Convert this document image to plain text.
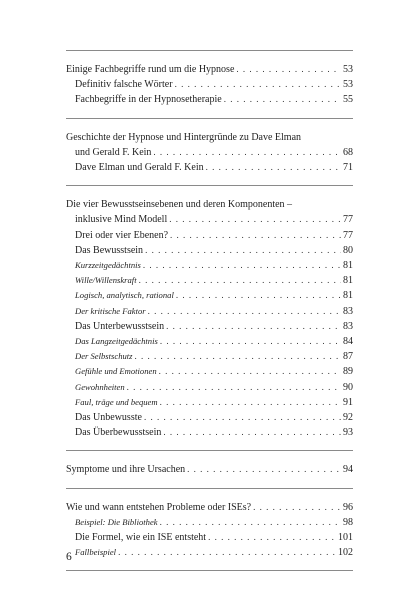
Einige Fachbegriffe rund um die Hypnose . . .	53
Definitiv falsche Wörter . . .	53
Fachbegriffe in der Hypnosetherapie . . .	55
Geschichte der Hypnose und Hintergründe zu Dave Elman
und Gerald F. Kein . . .	68
Dave Elman und Gerald F. Kein . . .	71
Die vier Bewusstseinsebenen und deren Komponenten –
inklusive Mind Modell . . .	77
Drei oder vier Ebenen? . . .	77
Das Bewusstsein . . .	80
Kurzzeitgedächtnis . . .	81
Wille/Willenskraft . . .	81
Logisch, analytisch, rational . . .	81
Der kritische Faktor . . .	83
Das Unterbewusstsein . . .	83
Das Langzeitgedächtnis . . .	84
Der Selbstschutz . . .	87
Gefühle und Emotionen . . .	89
Gewohnheiten . . .	90
Faul, träge und bequem . . .	91
Das Unbewusste . . .	92
Das Überbewusstsein . . .	93
Symptome und ihre Ursachen . . .	94
Wie und wann entstehen Probleme oder ISEs? . . .	96
Beispiel: Die Bibliothek . . .	98
Die Formel, wie ein ISE entsteht . . .	101
Fallbeispiel . . .	102
6
